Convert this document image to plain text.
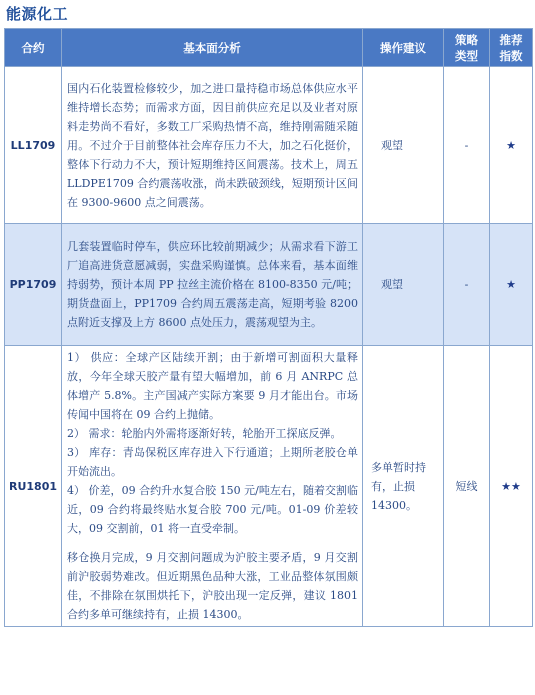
能源化工
合约	基本面分析	操作建议	策略类型	推荐指数
LL1709	国内石化装置检修较少，加之进口量持稳市场总体供应水平维持增长态势；而需求方面，因目前供应充足以及业者对原料走势尚不看好，多数工厂采购热情不高，维持刚需随采随用。不过介于目前整体社会库存压力不大，加之石化挺价，整体下行动力不大，预计短期维持区间震荡。技术上，周五LLDPE1709 合约震荡收涨，尚未跌破颈线，短期预计区间在 9300-9600 点之间震荡。	观望	-	★
PP1709	几套装置临时停车，供应环比较前期减少；从需求看下游工厂追高进货意愿减弱，实盘采购谨慎。总体来看，基本面维持弱势，预计本周 PP 拉丝主流价格在 8100-8350 元/吨；期货盘面上，PP1709 合约周五震荡走高，短期考验 8200 点附近支撑及上方 8600 点处压力，震荡观望为主。	观望	-	★
RU1801	1） 供应：全球产区陆续开割；由于新增可割面积大量释放，今年全球天胶产量有望大幅增加，前 6 月 ANRPC 总体增产 5.8%。主产国减产实际方案要 9 月才能出台。市场传闻中国将在 09 合约上抛储。

2） 需求：轮胎内外需将逐渐好转，轮胎开工探底反弹。

3） 库存：青岛保税区库存进入下行通道；上期所老胶仓单开始流出。

4） 价差，09 合约升水复合胶 150 元/吨左右，随着交割临近，09 合约将最终贴水复合胶 700 元/吨。01-09 价差较大，09 交割前，01 将一直受牵制。

移仓换月完成，9 月交割问题成为沪胶主要矛盾，9 月交割前沪胶弱势难改。但近期黑色品种大涨，工业品整体氛围颇佳，不排除在氛围烘托下，沪胶出现一定反弹，建议 1801 合约多单可继续持有，止损 14300。	多单暂时持有，止损14300。	短线	★★
